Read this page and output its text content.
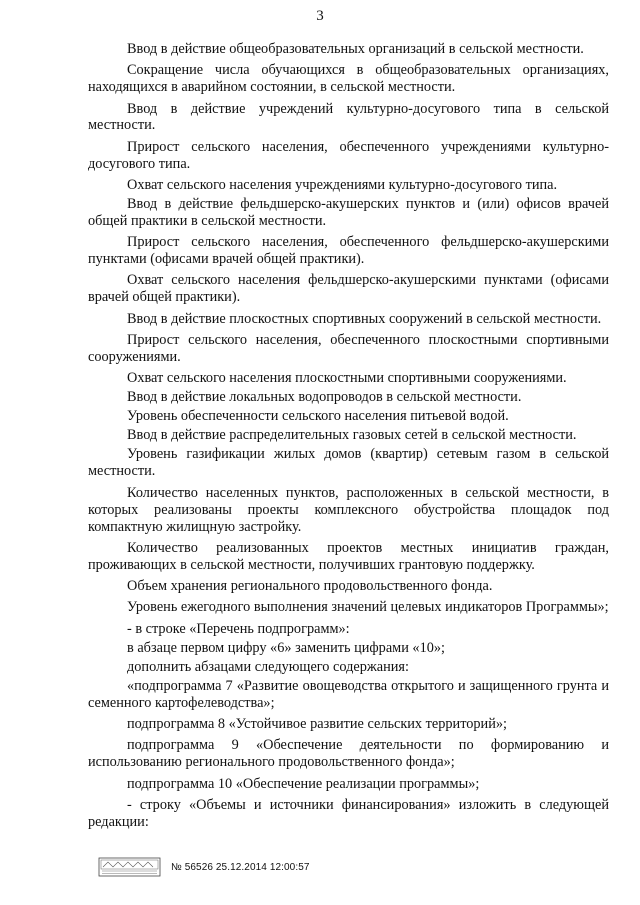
3

Ввод в действие общеобразовательных организаций в сельской местности.

Сокращение числа обучающихся в общеобразовательных организациях, находящихся в аварийном состоянии, в сельской местности.

Ввод в действие учреждений культурно-досугового типа в сельской местности.

Прирост сельского населения, обеспеченного учреждениями культурно-досугового типа.

Охват сельского населения учреждениями культурно-досугового типа.

Ввод в действие фельдшерско-акушерских пунктов и (или) офисов врачей общей практики в сельской местности.

Прирост сельского населения, обеспеченного фельдшерско-акушерскими пунктами (офисами врачей общей практики).

Охват сельского населения фельдшерско-акушерскими пунктами (офисами врачей общей практики).

Ввод в действие плоскостных спортивных сооружений в сельской местности.

Прирост сельского населения, обеспеченного плоскостными спортивными сооружениями.

Охват сельского населения плоскостными спортивными сооружениями.

Ввод в действие локальных водопроводов в сельской местности.

Уровень обеспеченности сельского населения питьевой водой.

Ввод в действие распределительных газовых сетей в сельской местности.

Уровень газификации жилых домов (квартир) сетевым газом в сельской местности.

Количество населенных пунктов, расположенных в сельской местности, в которых реализованы проекты комплексного обустройства площадок под компактную жилищную застройку.

Количество реализованных проектов местных инициатив граждан, проживающих в сельской местности, получивших грантовую поддержку.

Объем хранения регионального продовольственного фонда.

Уровень ежегодного выполнения значений целевых индикаторов Программы»;

- в строке «Перечень подпрограмм»:

в абзаце первом цифру «6» заменить цифрами «10»;

дополнить абзацами следующего содержания:

«подпрограмма 7 «Развитие овощеводства открытого и защищенного грунта и семенного картофелеводства»;

подпрограмма 8 «Устойчивое развитие сельских территорий»;

подпрограмма 9 «Обеспечение деятельности по формированию и использованию регионального продовольственного фонда»;

подпрограмма 10 «Обеспечение реализации программы»;

- строку «Объемы и источники финансирования» изложить в следующей редакции:

№ 56526 25.12.2014 12:00:57
